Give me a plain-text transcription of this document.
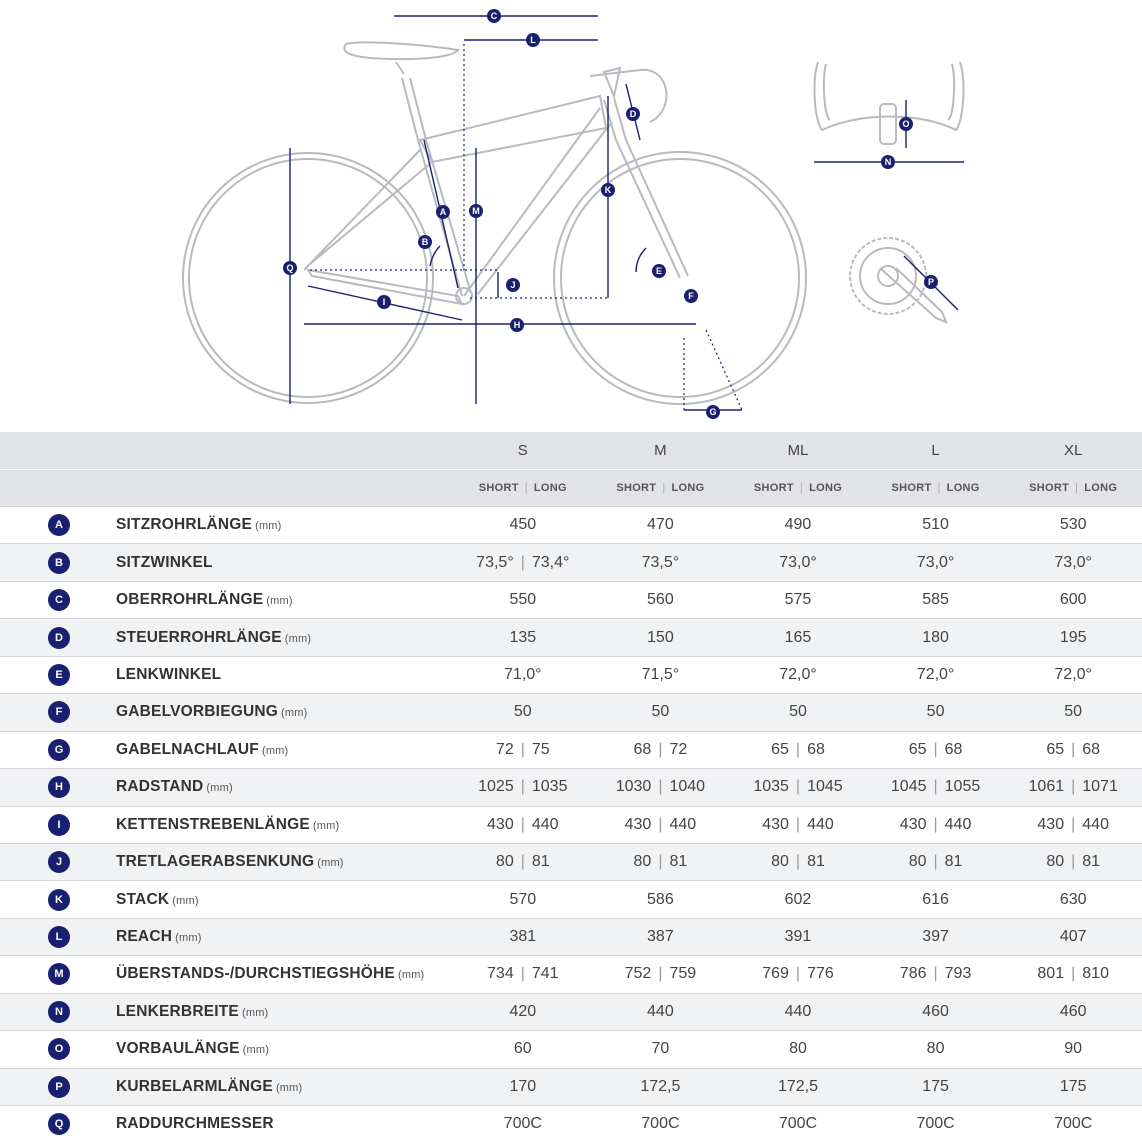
A
B
C
D
E
F
G
H
I
J
K
L
M
N
O
P
Q
		S	M	ML	L	XL
		SHORT | LONG	SHORT | LONG	SHORT | LONG	SHORT | LONG	SHORT | LONG
A	SITZROHRLÄNGE (mm)	450	470	490	510	530
B	SITZWINKEL	73,5° | 73,4°	73,5°	73,0°	73,0°	73,0°
C	OBERROHRLÄNGE (mm)	550	560	575	585	600
D	STEUERROHRLÄNGE (mm)	135	150	165	180	195
E	LENKWINKEL	71,0°	71,5°	72,0°	72,0°	72,0°
F	GABELVORBIEGUNG (mm)	50	50	50	50	50
G	GABELNACHLAUF (mm)	72 | 75	68 | 72	65 | 68	65 | 68	65 | 68
H	RADSTAND (mm)	1025 | 1035	1030 | 1040	1035 | 1045	1045 | 1055	1061 | 1071
I	KETTENSTREBENLÄNGE (mm)	430 | 440	430 | 440	430 | 440	430 | 440	430 | 440
J	TRETLAGERABSENKUNG (mm)	80 | 81	80 | 81	80 | 81	80 | 81	80 | 81
K	STACK (mm)	570	586	602	616	630
L	REACH (mm)	381	387	391	397	407
M	ÜBERSTANDS-/DURCHSTIEGSHÖHE (mm)	734 | 741	752 | 759	769 | 776	786 | 793	801 | 810
N	LENKERBREITE (mm)	420	440	440	460	460
O	VORBAULÄNGE (mm)	60	70	80	80	90
P	KURBELARMLÄNGE (mm)	170	172,5	172,5	175	175
Q	RADDURCHMESSER	700C	700C	700C	700C	700C
